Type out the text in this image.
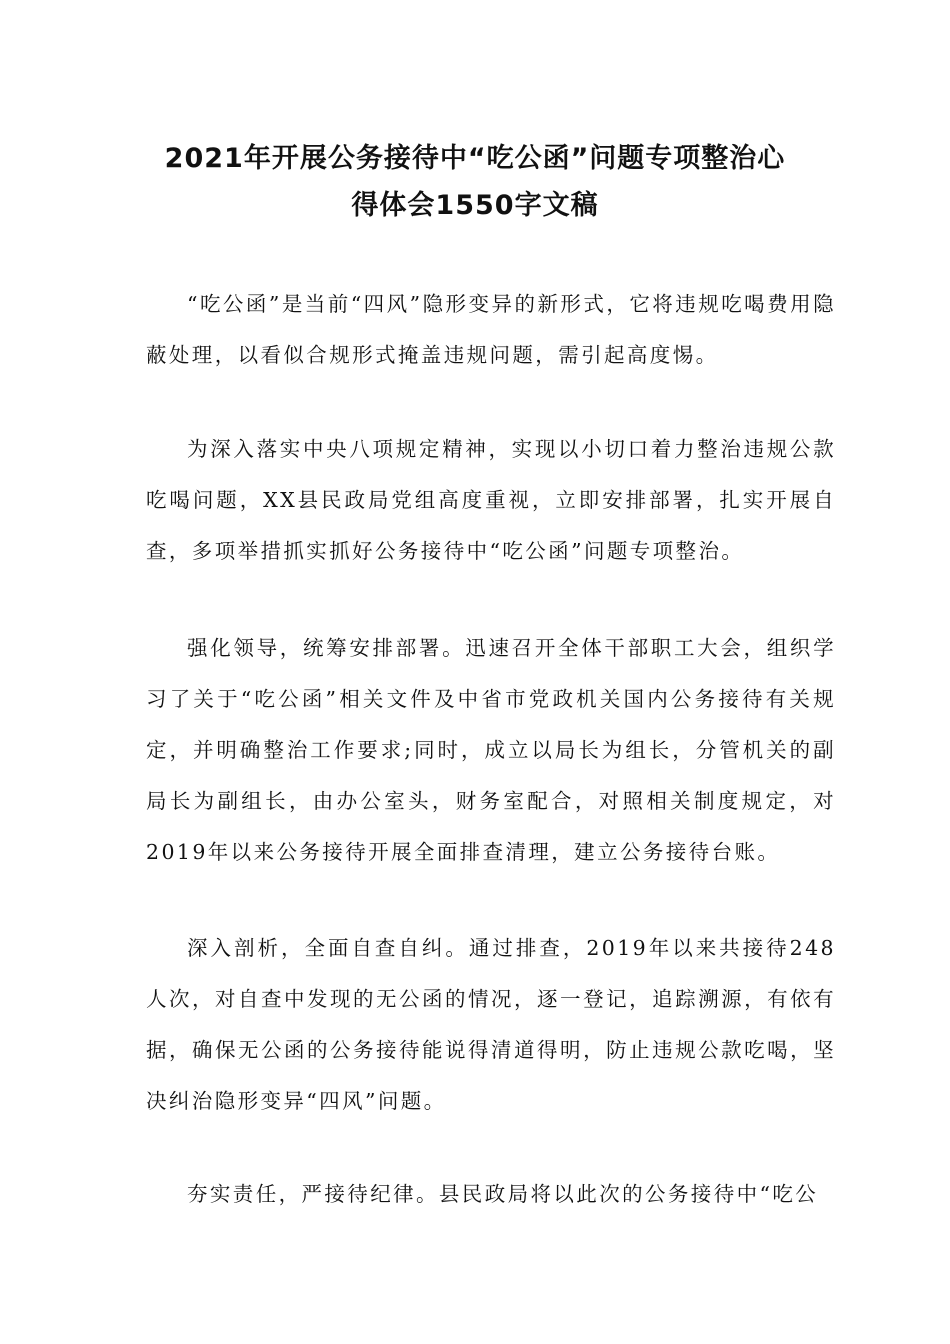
2021年开展公务接待中“吃公函”问题专项整治心
得体会1550字文稿

“吃公函”是当前“四风”隐形变异的新形式，它将违规吃喝费用隐蔽处理，以看似合规形式掩盖违规问题，需引起高度惕。

为深入落实中央八项规定精神，实现以小切口着力整治违规公款吃喝问题，XX县民政局党组高度重视，立即安排部署，扎实开展自查，多项举措抓实抓好公务接待中“吃公函”问题专项整治。

强化领导，统筹安排部署。迅速召开全体干部职工大会，组织学习了关于“吃公函”相关文件及中省市党政机关国内公务接待有关规定，并明确整治工作要求;同时，成立以局长为组长，分管机关的副局长为副组长，由办公室头，财务室配合，对照相关制度规定，对2019年以来公务接待开展全面排查清理，建立公务接待台账。

深入剖析，全面自查自纠。通过排查，2019年以来共接待248人次，对自查中发现的无公函的情况，逐一登记，追踪溯源，有依有据，确保无公函的公务接待能说得清道得明，防止违规公款吃喝，坚决纠治隐形变异“四风”问题。

夯实责任，严接待纪律。县民政局将以此次的公务接待中“吃公
